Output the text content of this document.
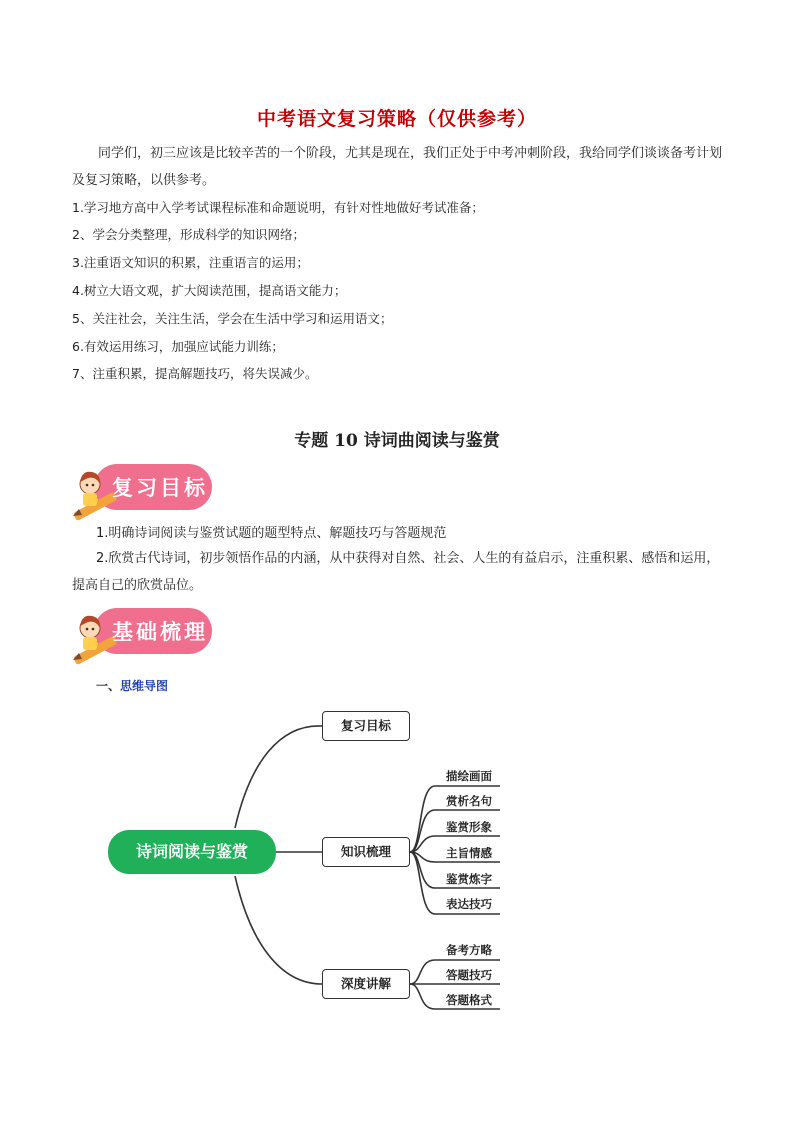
中考语文复习策略（仅供参考）
同学们，初三应该是比较辛苦的一个阶段，尤其是现在，我们正处于中考冲刺阶段，我给同学们谈谈备考计划及复习策略，以供参考。
1.学习地方高中入学考试课程标准和命题说明，有针对性地做好考试准备；
2、学会分类整理，形成科学的知识网络；
3.注重语文知识的积累，注重语言的运用；
4.树立大语文观，扩大阅读范围，提高语文能力；
5、关注社会，关注生活，学会在生活中学习和运用语文；
6.有效运用练习，加强应试能力训练；
7、注重积累，提高解题技巧，将失误减少。
专题 10 诗词曲阅读与鉴赏
复习目标
1.明确诗词阅读与鉴赏试题的题型特点、解题技巧与答题规范
2.欣赏古代诗词，初步领悟作品的内涵，从中获得对自然、社会、人生的有益启示，注重积累、感悟和运用，提高自己的欣赏品位。
基础梳理
一、思维导图
诗词阅读与鉴赏
复习目标
知识梳理
深度讲解
描绘画面
赏析名句
鉴赏形象
主旨情感
鉴赏炼字
表达技巧
备考方略
答题技巧
答题格式
